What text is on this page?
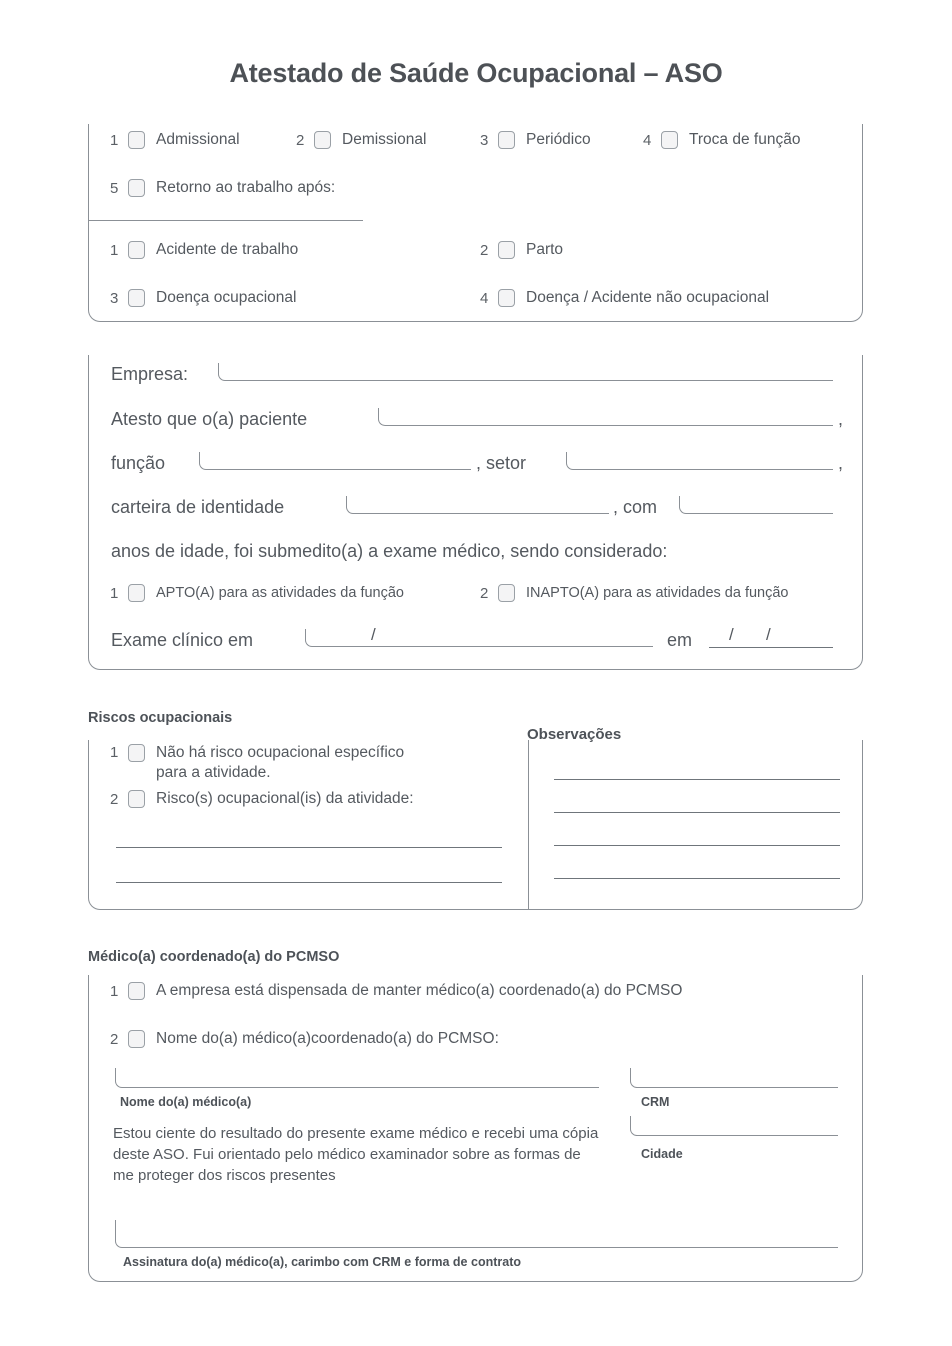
Atestado de Saúde Ocupacional – ASO
1	Admissional	2	Demissional	3	Periódico	4	Troca de função
5	Retorno ao trabalho após:
1	Acidente de trabalho	2	Parto
3	Doença ocupacional	4	Doença / Acidente não ocupacional
Empresa:
Atesto que o(a) paciente	,
função	, setor	,
carteira de identidade	, com
anos de idade, foi submedito(a) a exame médico, sendo considerado:
1	APTO(A) para as atividades da função	2	INAPTO(A) para as atividades da função
Exame clínico em	/	em / /
Riscos ocupacionais
Observações
1	Não há risco ocupacional específico
para a atividade.
2	Risco(s) ocupacional(is) da atividade:
Médico(a) coordenado(a) do PCMSO
1	A empresa está dispensada de manter médico(a) coordenado(a) do PCMSO
2	Nome do(a) médico(a)coordenado(a) do PCMSO:
Nome do(a) médico(a)	CRM
Estou ciente do resultado do presente exame médico e recebi uma cópia deste ASO. Fui orientado pelo médico examinador sobre as formas de me proteger dos riscos presentes
Cidade
Assinatura do(a) médico(a), carimbo com CRM e forma de contrato
